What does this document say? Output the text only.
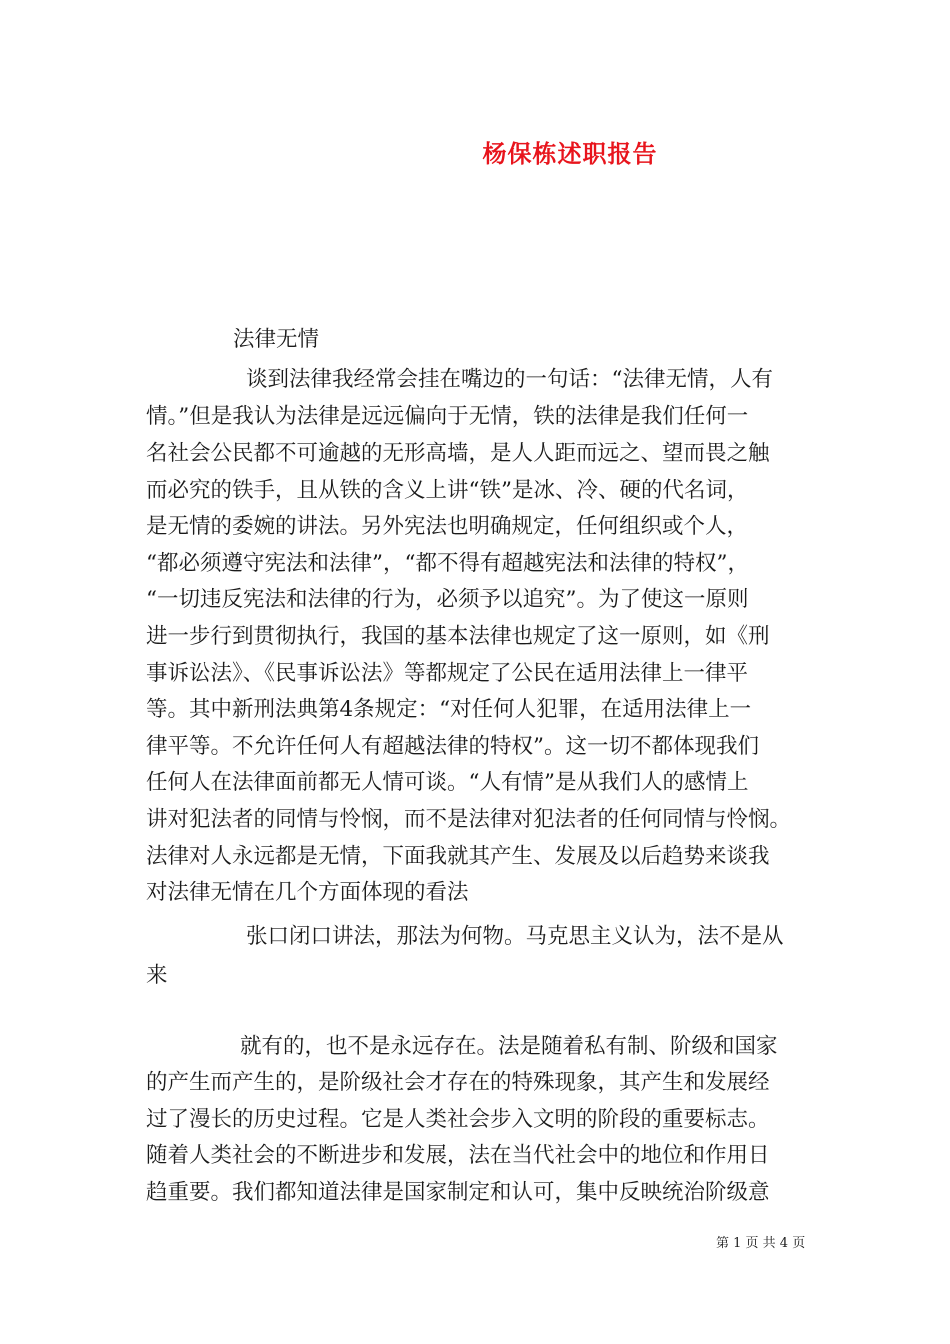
杨保栋述职报告
法律无情
谈到法律我经常会挂在嘴边的一句话：“法律无情，人有
情。”但是我认为法律是远远偏向于无情，铁的法律是我们任何一
名社会公民都不可逾越的无形高墙，是人人距而远之、望而畏之触
而必究的铁手，且从铁的含义上讲“铁”是冰、冷、硬的代名词，
是无情的委婉的讲法。另外宪法也明确规定，任何组织或个人，
“都必须遵守宪法和法律”，“都不得有超越宪法和法律的特权”，
“一切违反宪法和法律的行为，必须予以追究”。为了使这一原则
进一步行到贯彻执行，我国的基本法律也规定了这一原则，如《刑
事诉讼法》、《民事诉讼法》等都规定了公民在适用法律上一律平
等。其中新刑法典第4条规定：“对任何人犯罪，在适用法律上一
律平等。不允许任何人有超越法律的特权”。这一切不都体现我们
任何人在法律面前都无人情可谈。“人有情”是从我们人的感情上
讲对犯法者的同情与怜悯，而不是法律对犯法者的任何同情与怜悯。
法律对人永远都是无情，下面我就其产生、发展及以后趋势来谈我
对法律无情在几个方面体现的看法
张口闭口讲法，那法为何物。马克思主义认为，法不是从
来
就有的，也不是永远存在。法是随着私有制、阶级和国家
的产生而产生的，是阶级社会才存在的特殊现象，其产生和发展经
过了漫长的历史过程。它是人类社会步入文明的阶段的重要标志。
随着人类社会的不断进步和发展，法在当代社会中的地位和作用日
趋重要。我们都知道法律是国家制定和认可，集中反映统治阶级意
第 1 页 共 4 页
